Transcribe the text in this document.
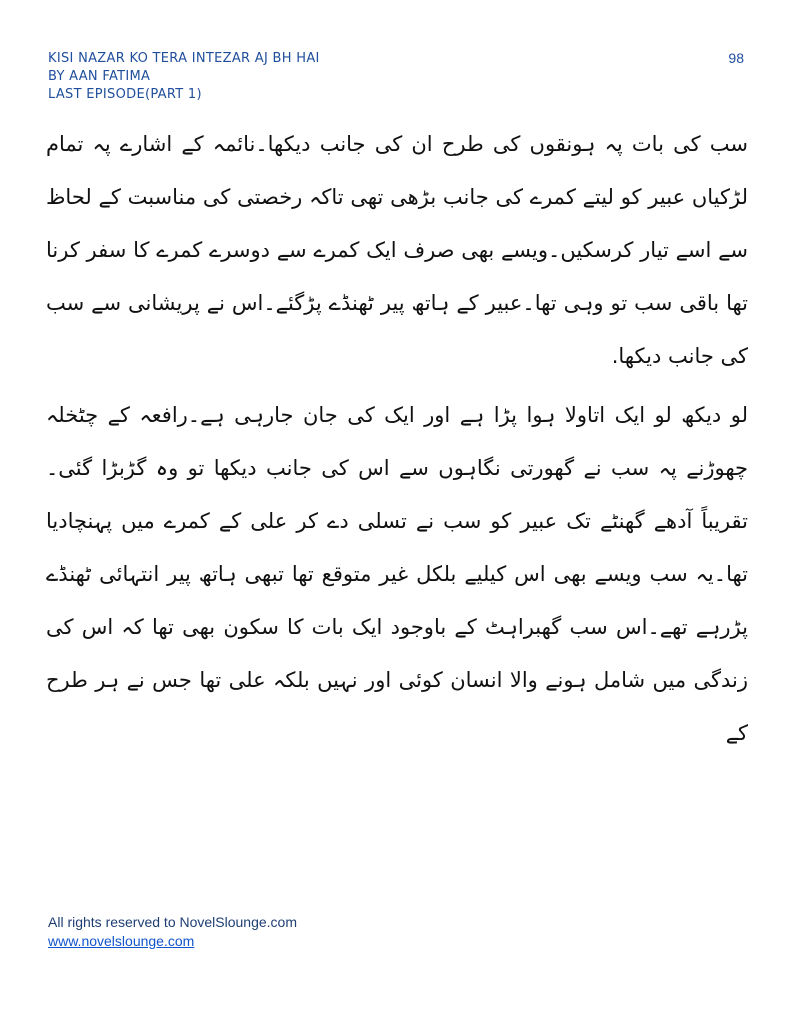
KISI NAZAR KO TERA INTEZAR AJ BH HAI
BY AAN FATIMA
LAST EPISODE(PART 1)
98

سب کی بات پہ ہونقوں کی طرح ان کی جانب دیکھا۔نائمہ کے اشارے پہ تمام لڑکیاں عبیر کو لیتے کمرے کی جانب بڑھی تھی تاکہ رخصتی کی مناسبت کے لحاظ سے اسے تیار کرسکیں۔ویسے بھی صرف ایک کمرے سے دوسرے کمرے کا سفر کرنا تھا باقی سب تو وہی تھا۔عبیر کے ہاتھ پیر ٹھنڈے پڑگئے۔اس نے پریشانی سے سب کی جانب دیکھا.

لو دیکھ لو ایک اتاولا ہوا پڑا ہے اور ایک کی جان جارہی ہے۔رافعہ کے چٹخلہ چھوڑنے پہ سب نے گھورتی نگاہوں سے اس کی جانب دیکھا تو وہ گڑبڑا گئی۔تقریباً آدھے گھنٹے تک عبیر کو سب نے تسلی دے کر علی کے کمرے میں پہنچادیا تھا۔یہ سب ویسے بھی اس کیلیے بلکل غیر متوقع تھا تبھی ہاتھ پیر انتہائی ٹھنڈے پڑرہے تھے۔اس سب گھبراہٹ کے باوجود ایک بات کا سکون بھی تھا کہ اس کی زندگی میں شامل ہونے والا انسان کوئی اور نہیں بلکہ علی تھا جس نے ہر طرح کے

All rights reserved to NovelSlounge.com
www.novelslounge.com
